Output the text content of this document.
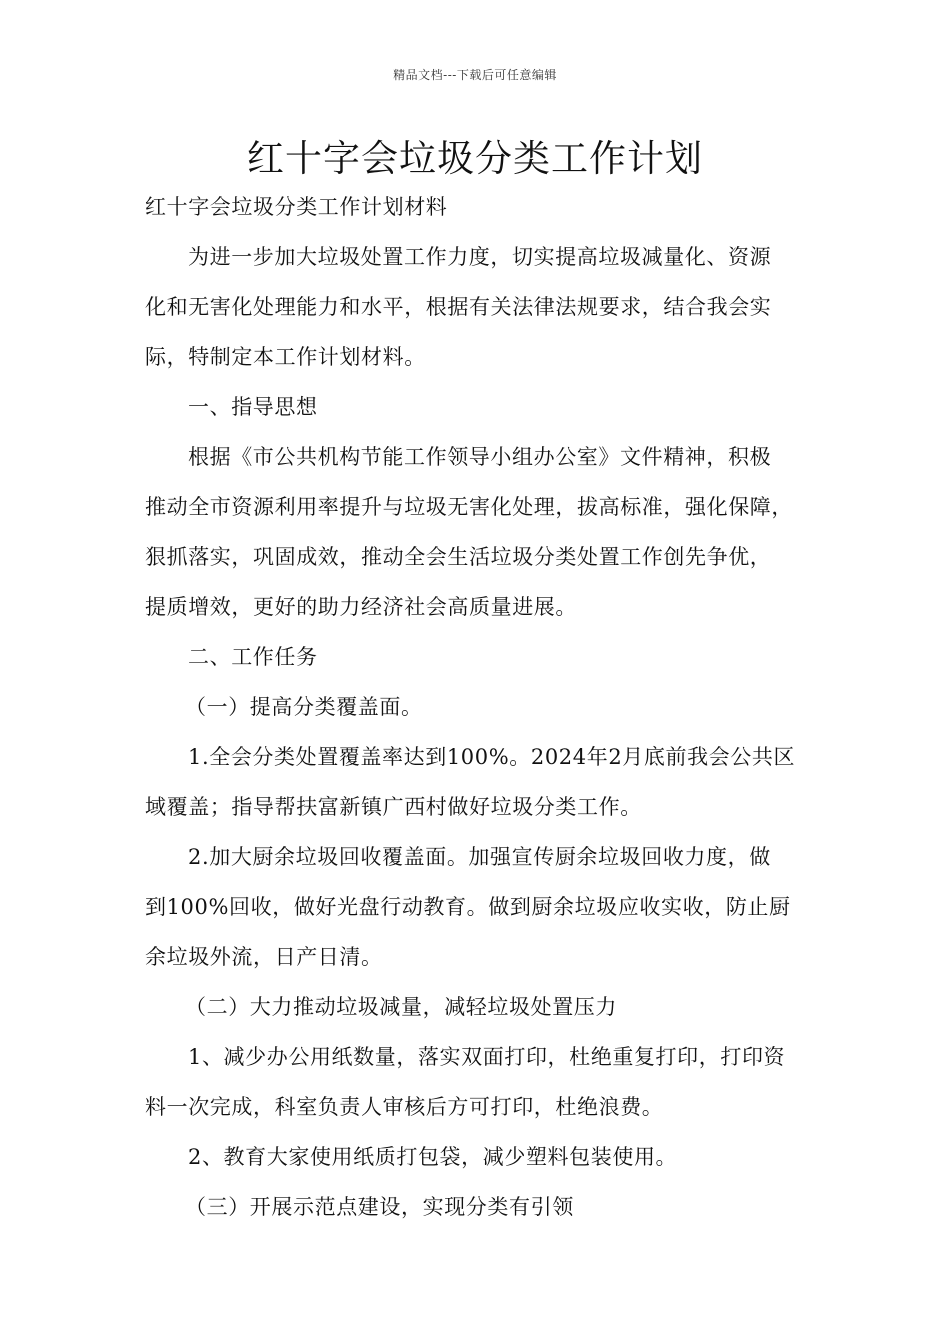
精品文档---下载后可任意编辑
红十字会垃圾分类工作计划
红十字会垃圾分类工作计划材料
为进一步加大垃圾处置工作力度，切实提高垃圾减量化、资源
化和无害化处理能力和水平，根据有关法律法规要求，结合我会实
际，特制定本工作计划材料。
一、指导思想
根据《市公共机构节能工作领导小组办公室》文件精神，积极
推动全市资源利用率提升与垃圾无害化处理，拔高标准，强化保障，
狠抓落实，巩固成效，推动全会生活垃圾分类处置工作创先争优，
提质增效，更好的助力经济社会高质量进展。
二、工作任务
（一）提高分类覆盖面。
1.全会分类处置覆盖率达到100%。2024年2月底前我会公共区
域覆盖；指导帮扶富新镇广西村做好垃圾分类工作。
2.加大厨余垃圾回收覆盖面。加强宣传厨余垃圾回收力度，做
到100%回收，做好光盘行动教育。做到厨余垃圾应收实收，防止厨
余垃圾外流，日产日清。
（二）大力推动垃圾减量，减轻垃圾处置压力
1、减少办公用纸数量，落实双面打印，杜绝重复打印，打印资
料一次完成，科室负责人审核后方可打印，杜绝浪费。
2、教育大家使用纸质打包袋，减少塑料包装使用。
（三）开展示范点建设，实现分类有引领
